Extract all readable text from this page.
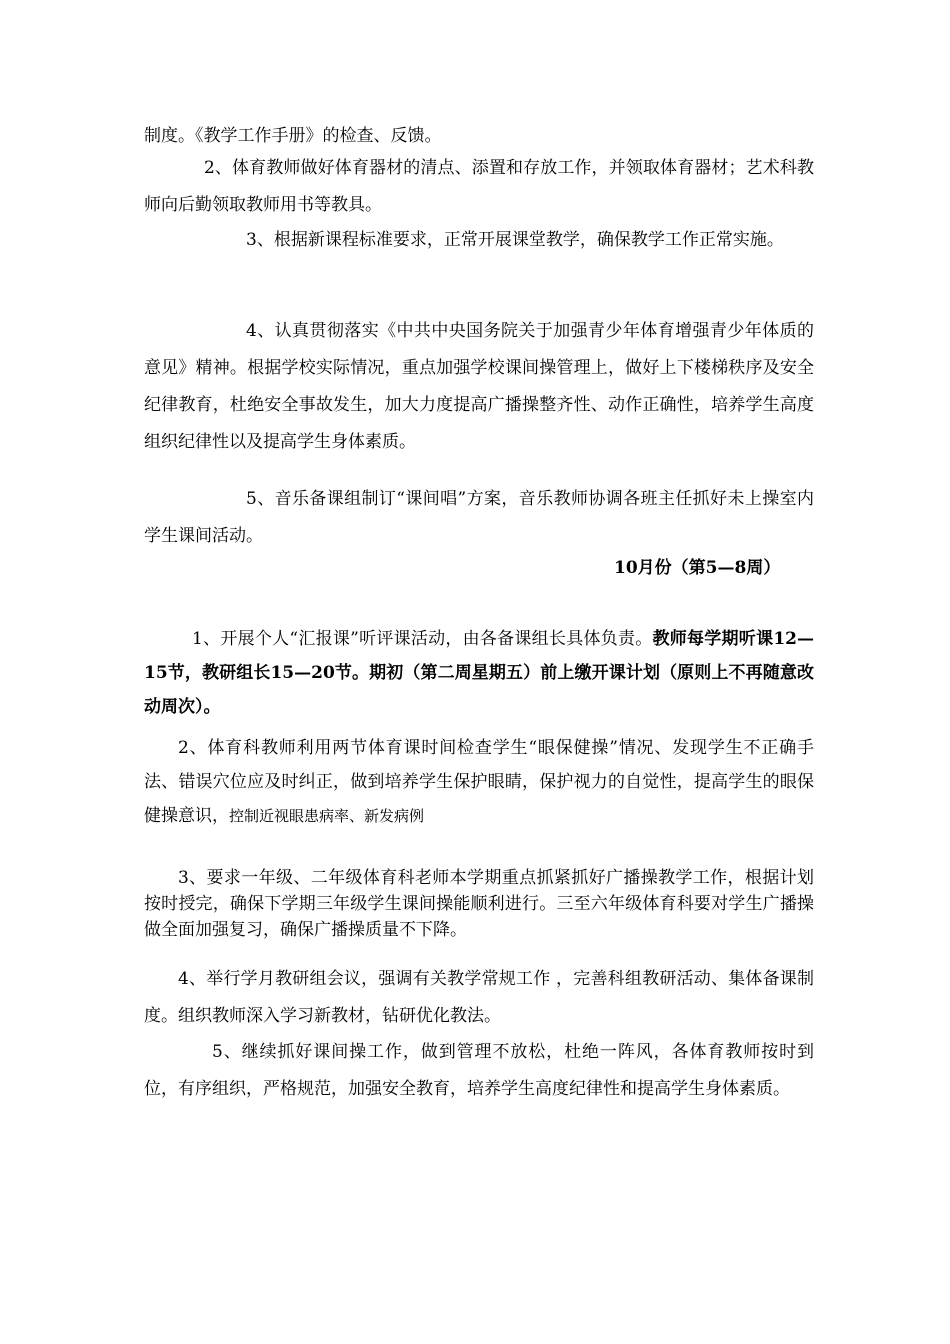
制度。《教学工作手册》的检查、反馈。

2、体育教师做好体育器材的清点、添置和存放工作，并领取体育器材；艺术科教师向后勤领取教师用书等教具。

3、根据新课程标准要求，正常开展课堂教学，确保教学工作正常实施。

4、认真贯彻落实《中共中央国务院关于加强青少年体育增强青少年体质的意见》精神。根据学校实际情况，重点加强学校课间操管理上，做好上下楼梯秩序及安全纪律教育，杜绝安全事故发生，加大力度提高广播操整齐性、动作正确性，培养学生高度组织纪律性以及提高学生身体素质。

5、音乐备课组制订“课间唱”方案，音乐教师协调各班主任抓好未上操室内学生课间活动。

10月份（第5—8周）

1、开展个人“汇报课”听评课活动，由各备课组长具体负责。教师每学期听课12—15节，教研组长15—20节。期初（第二周星期五）前上缴开课计划（原则上不再随意改动周次）。

2、体育科教师利用两节体育课时间检查学生“眼保健操”情况、发现学生不正确手法、错误穴位应及时纠正，做到培养学生保护眼睛，保护视力的自觉性，提高学生的眼保健操意识，控制近视眼患病率、新发病例

3、要求一年级、二年级体育科老师本学期重点抓紧抓好广播操教学工作，根据计划按时授完，确保下学期三年级学生课间操能顺利进行。三至六年级体育科要对学生广播操做全面加强复习，确保广播操质量不下降。

4、举行学月教研组会议，强调有关教学常规工作 ，完善科组教研活动、集体备课制度。组织教师深入学习新教材，钻研优化教法。

5、继续抓好课间操工作，做到管理不放松，杜绝一阵风，各体育教师按时到位，有序组织，严格规范，加强安全教育，培养学生高度纪律性和提高学生身体素质。
